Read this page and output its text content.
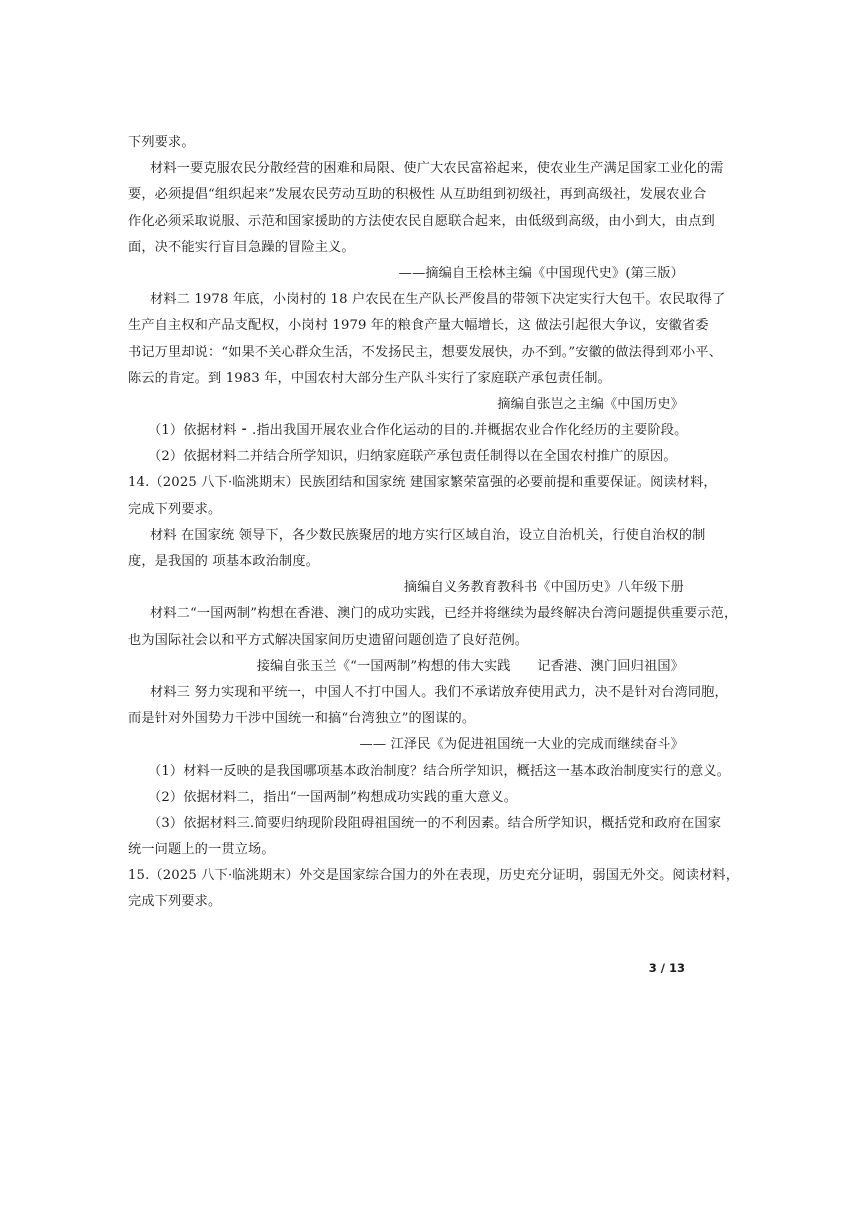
下列要求。
材料一要克服农民分散经营的困难和局限、使广大农民富裕起来，使农业生产满足国家工业化的需
要，必须提倡“组织起来”发展农民劳动互助的积极性 从互助组到初级社，再到高级社，发展农业合
作化必须采取说服、示范和国家援助的方法使农民自愿联合起来，由低级到高级，由小到大，由点到
面，决不能实行盲目急躁的冒险主义。
——摘编自王桧林主编《中国现代史》(第三版）
材料二 1978 年底，小岗村的 18 户农民在生产队长严俊昌的带领下决定实行大包干。农民取得了
生产自主权和产品支配权，小岗村 1979 年的粮食产量大幅增长，这 做法引起很大争议，安徽省委
书记万里却说：“如果不关心群众生活，不发扬民主，想要发展快，办不到。”安徽的做法得到邓小平、
陈云的肯定。到 1983 年，中国农村大部分生产队斗实行了家庭联产承包责任制。
摘编自张岂之主编《中国历史》
（1）依据材料 ⁃ .指出我国开展农业合作化运动的目的.并概据农业合作化经历的主要阶段。
（2）依据材料二并结合所学知识，归纳家庭联产承包责任制得以在全国农村推广的原因。
14.（2025 八下·临洮期末）民族团结和国家统 建国家繁荣富强的必要前提和重要保证。阅读材料，
完成下列要求。
材料 在国家统 领导下，各少数民族聚居的地方实行区域自治，设立自治机关，行使自治权的制
度，是我国的 项基本政治制度。
摘编自义务教育教科书《中国历史》八年级下册
材料二“一国两制”构想在香港、澳门的成功实践，已经并将继续为最终解决台湾问题提供重要示范，
也为国际社会以和平方式解决国家间历史遗留问题创造了良好范例。
接编自张玉兰《“一国两制”构想的伟大实践　　记香港、澳门回归祖国》
材料三 努力实现和平统一，中国人不打中国人。我们不承诺放弃使用武力，决不是针对台湾同胞，
而是针对外国势力干涉中国统一和搞“台湾独立”的图谋的。
—— 江泽民《为促进祖国统一大业的完成而继续奋斗》
（1）材料一反映的是我国哪项基本政治制度？结合所学知识，概括这一基本政治制度实行的意义。
（2）依据材料二，指出“一国两制”构想成功实践的重大意义。
（3）依据材料三.简要归纳现阶段阻碍祖国统一的不利因素。结合所学知识，概括党和政府在国家
统一问题上的一贯立场。
15.（2025 八下·临洮期末）外交是国家综合国力的外在表现，历史充分证明，弱国无外交。阅读材料，
完成下列要求。
3 / 13
